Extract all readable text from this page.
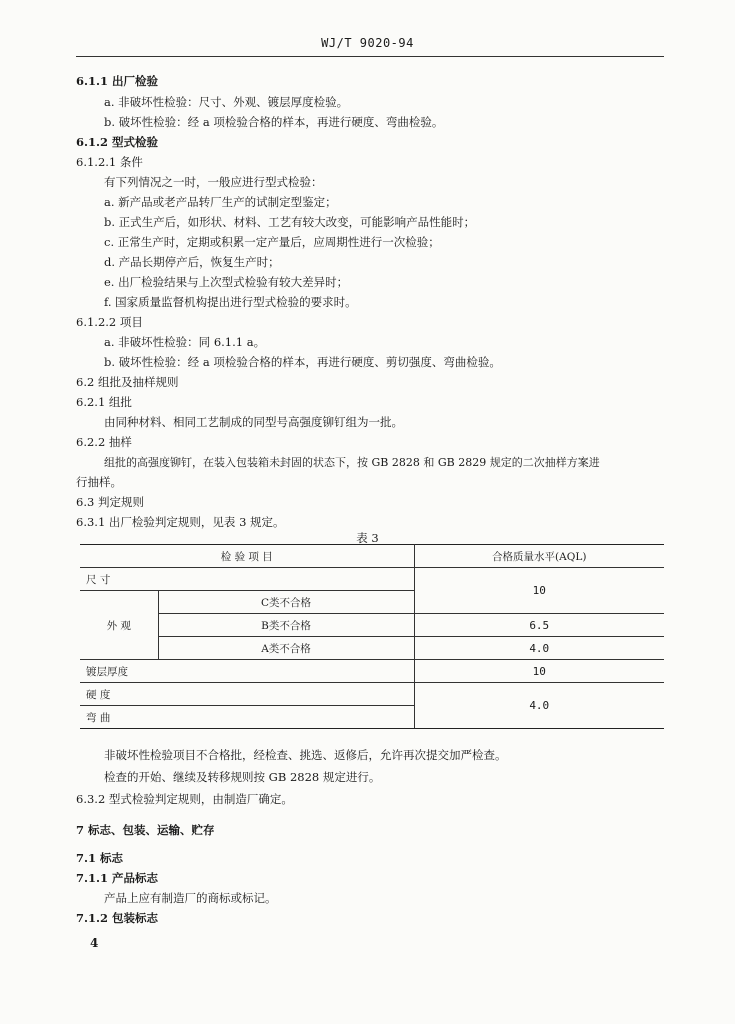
WJ/T 9020-94
6.1.1 出厂检验
a. 非破坏性检验：尺寸、外观、镀层厚度检验。
b. 破坏性检验：经 a 项检验合格的样本，再进行硬度、弯曲检验。
6.1.2 型式检验
6.1.2.1 条件
有下列情况之一时，一般应进行型式检验：
a. 新产品或老产品转厂生产的试制定型鉴定；
b. 正式生产后，如形状、材料、工艺有较大改变，可能影响产品性能时；
c. 正常生产时，定期或积累一定产量后，应周期性进行一次检验；
d. 产品长期停产后，恢复生产时；
e. 出厂检验结果与上次型式检验有较大差异时；
f. 国家质量监督机构提出进行型式检验的要求时。
6.1.2.2 项目
a. 非破坏性检验：同 6.1.1 a。
b. 破坏性检验：经 a 项检验合格的样本，再进行硬度、剪切强度、弯曲检验。
6.2 组批及抽样规则
6.2.1 组批
由同种材料、相同工艺制成的同型号高强度铆钉组为一批。
6.2.2 抽样
组批的高强度铆钉，在装入包装箱未封固的状态下，按 GB 2828 和 GB 2829 规定的二次抽样方案进
行抽样。
6.3 判定规则
6.3.1 出厂检验判定规则，见表 3 规定。
表 3
检 验 项 目		合格质量水平(AQL)
尺 寸		10
外 观	C类不合格	
	B类不合格	6.5
	A类不合格	4.0
镀层厚度		10
硬 度		4.0
弯 曲		
非破坏性检验项目不合格批，经检查、挑选、返修后，允许再次提交加严检查。
检查的开始、继续及转移规则按 GB 2828 规定进行。
6.3.2 型式检验判定规则，由制造厂确定。
7 标志、包装、运输、贮存
7.1 标志
7.1.1 产品标志
产品上应有制造厂的商标或标记。
7.1.2 包装标志
4
